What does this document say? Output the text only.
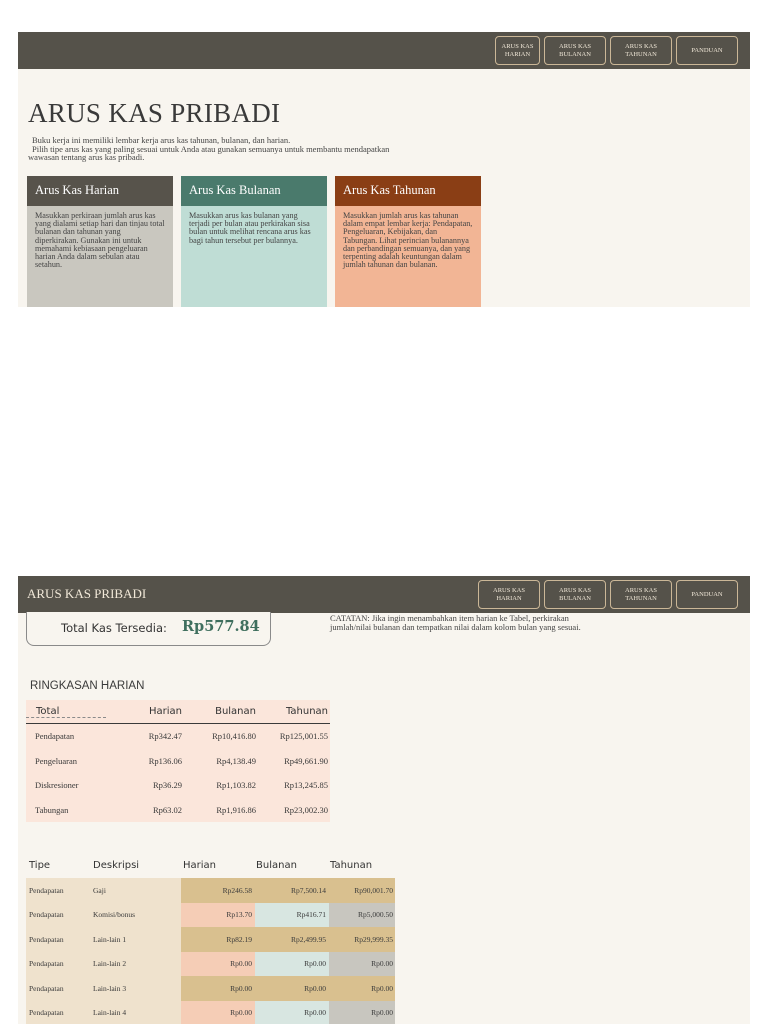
ARUS KAS HARIAN
ARUS KAS BULANAN
ARUS KAS TAHUNAN
PANDUAN
ARUS KAS PRIBADI
Buku kerja ini memiliki lembar kerja arus kas tahunan, bulanan, dan harian.
Pilih tipe arus kas yang paling sesuai untuk Anda atau gunakan semuanya untuk membantu mendapatkan
wawasan tentang arus kas pribadi.
Arus Kas Harian
Masukkan perkiraan jumlah arus kas yang dialami setiap hari dan tinjau total bulanan dan tahunan yang diperkirakan. Gunakan ini untuk memahami kebiasaan pengeluaran harian Anda dalam sebulan atau setahun.
Arus Kas Bulanan
Masukkan arus kas bulanan yang terjadi per bulan atau perkirakan sisa bulan untuk melihat rencana arus kas bagi tahun tersebut per bulannya.
Arus Kas Tahunan
Masukkan jumlah arus kas tahunan dalam empat lembar kerja: Pendapatan, Pengeluaran, Kebijakan, dan Tabungan. Lihat perincian bulanannya dan perbandingan semuanya, dan yang terpenting adalah keuntungan dalam jumlah tahunan dan bulanan.
ARUS KAS PRIBADI	ARUS KAS HARIAN
ARUS KAS BULANAN
ARUS KAS TAHUNAN
PANDUAN
Total Kas Tersedia: Rp577.84	CATATAN: Jika ingin menambahkan item harian ke Tabel, perkirakan jumlah/nilai bulanan dan tempatkan nilai dalam kolom bulan yang sesuai.
RINGKASAN HARIAN
Total	Harian	Bulanan	Tahunan
Pendapatan	Rp342.47	Rp10,416.80	Rp125,001.55
Pengeluaran	Rp136.06	Rp4,138.49	Rp49,661.90
Diskresioner	Rp36.29	Rp1,103.82	Rp13,245.85
Tabungan	Rp63.02	Rp1,916.86	Rp23,002.30
Tipe	Deskripsi	Harian	Bulanan	Tahunan
Pendapatan	Gaji	Rp246.58	Rp7,500.14	Rp90,001.70
Pendapatan	Komisi/bonus	Rp13.70	Rp416.71	Rp5,000.50
Pendapatan	Lain-lain 1	Rp82.19	Rp2,499.95	Rp29,999.35
Pendapatan	Lain-lain 2	Rp0.00	Rp0.00	Rp0.00
Pendapatan	Lain-lain 3	Rp0.00	Rp0.00	Rp0.00
Pendapatan	Lain-lain 4	Rp0.00	Rp0.00	Rp0.00
